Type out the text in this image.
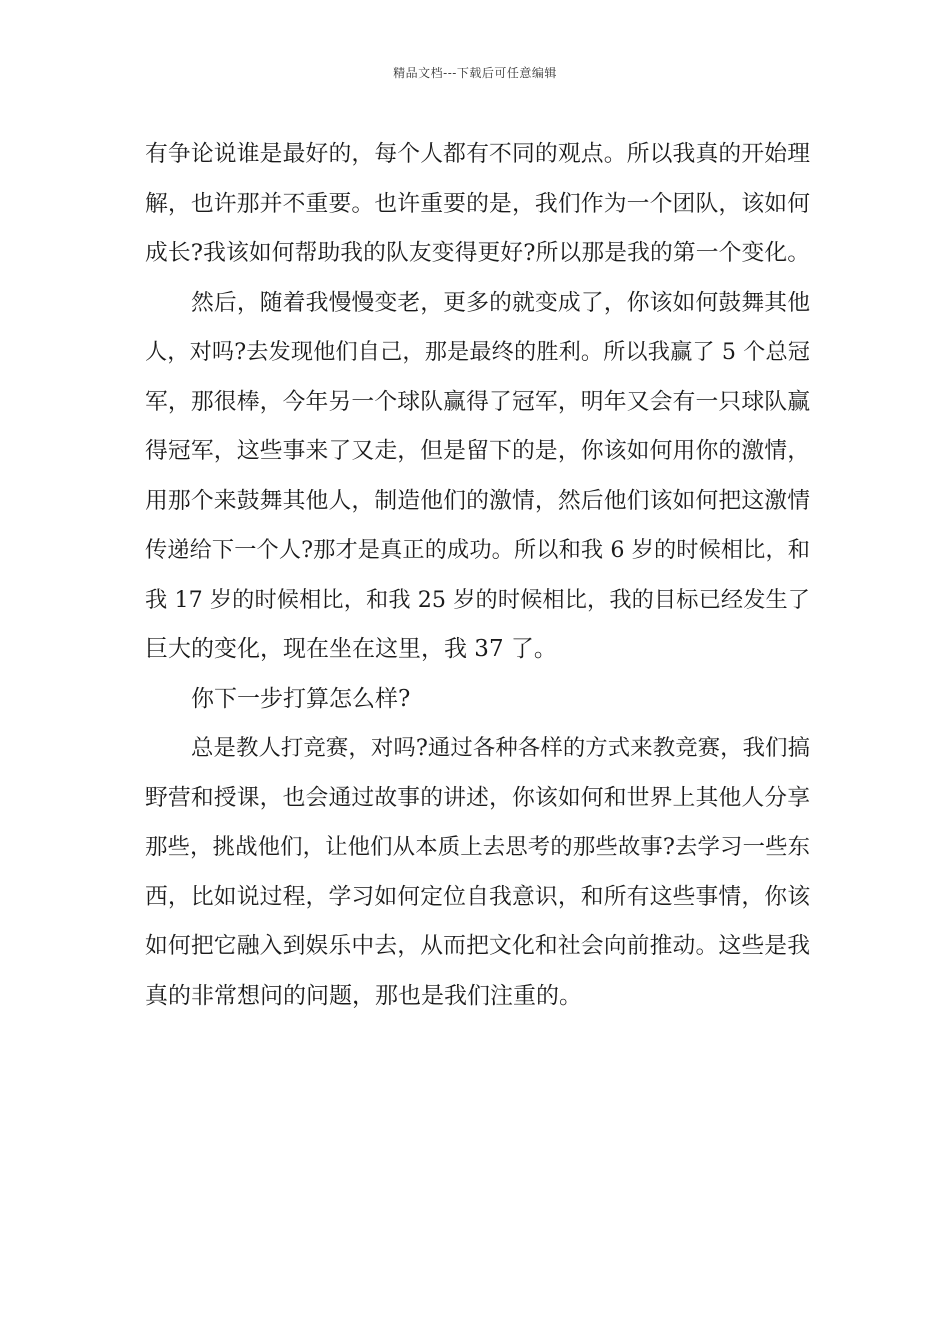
精品文档---下载后可任意编辑
有争论说谁是最好的，每个人都有不同的观点。所以我真的开始理
解，也许那并不重要。也许重要的是，我们作为一个团队，该如何
成长?我该如何帮助我的队友变得更好?所以那是我的第一个变化。
然后，随着我慢慢变老，更多的就变成了，你该如何鼓舞其他
人，对吗?去发现他们自己，那是最终的胜利。所以我赢了 5 个总冠
军，那很棒，今年另一个球队赢得了冠军，明年又会有一只球队赢
得冠军，这些事来了又走，但是留下的是，你该如何用你的激情，
用那个来鼓舞其他人，制造他们的激情，然后他们该如何把这激情
传递给下一个人?那才是真正的成功。所以和我 6 岁的时候相比，和
我 17 岁的时候相比，和我 25 岁的时候相比，我的目标已经发生了
巨大的变化，现在坐在这里，我 37 了。
你下一步打算怎么样?
总是教人打竞赛，对吗?通过各种各样的方式来教竞赛，我们搞
野营和授课，也会通过故事的讲述，你该如何和世界上其他人分享
那些，挑战他们，让他们从本质上去思考的那些故事?去学习一些东
西，比如说过程，学习如何定位自我意识，和所有这些事情，你该
如何把它融入到娱乐中去，从而把文化和社会向前推动。这些是我
真的非常想问的问题，那也是我们注重的。
